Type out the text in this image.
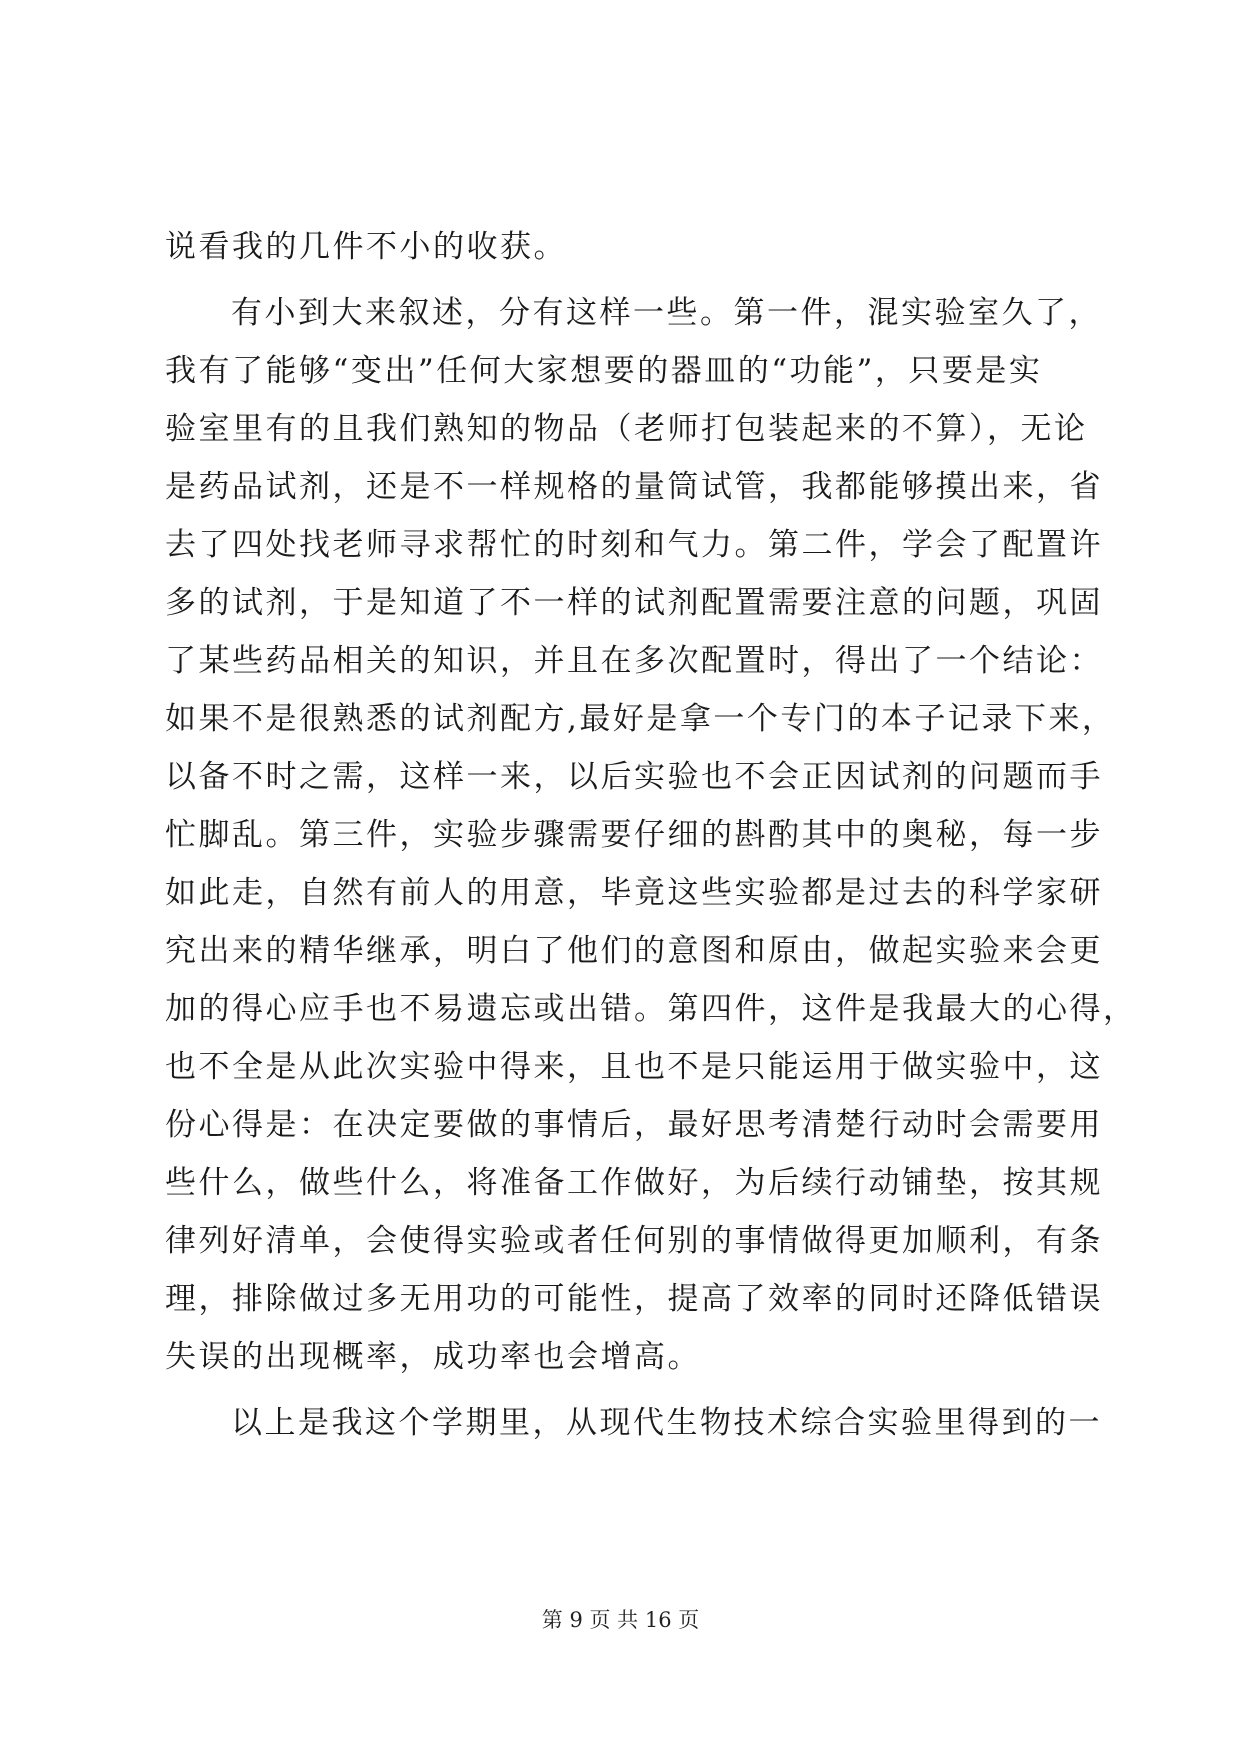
说看我的几件不小的收获。
有小到大来叙述，分有这样一些。第一件，混实验室久了，
我有了能够“变出”任何大家想要的器皿的“功能”，只要是实
验室里有的且我们熟知的物品（老师打包装起来的不算），无论
是药品试剂，还是不一样规格的量筒试管，我都能够摸出来，省
去了四处找老师寻求帮忙的时刻和气力。第二件，学会了配置许
多的试剂，于是知道了不一样的试剂配置需要注意的问题，巩固
了某些药品相关的知识，并且在多次配置时，得出了一个结论：
如果不是很熟悉的试剂配方,最好是拿一个专门的本子记录下来，
以备不时之需，这样一来，以后实验也不会正因试剂的问题而手
忙脚乱。第三件，实验步骤需要仔细的斟酌其中的奥秘，每一步
如此走，自然有前人的用意，毕竟这些实验都是过去的科学家研
究出来的精华继承，明白了他们的意图和原由，做起实验来会更
加的得心应手也不易遗忘或出错。第四件，这件是我最大的心得，
也不全是从此次实验中得来，且也不是只能运用于做实验中，这
份心得是：在决定要做的事情后，最好思考清楚行动时会需要用
些什么，做些什么，将准备工作做好，为后续行动铺垫，按其规
律列好清单，会使得实验或者任何别的事情做得更加顺利，有条
理，排除做过多无用功的可能性，提高了效率的同时还降低错误
失误的出现概率，成功率也会增高。
以上是我这个学期里，从现代生物技术综合实验里得到的一
第 9 页 共 16 页
